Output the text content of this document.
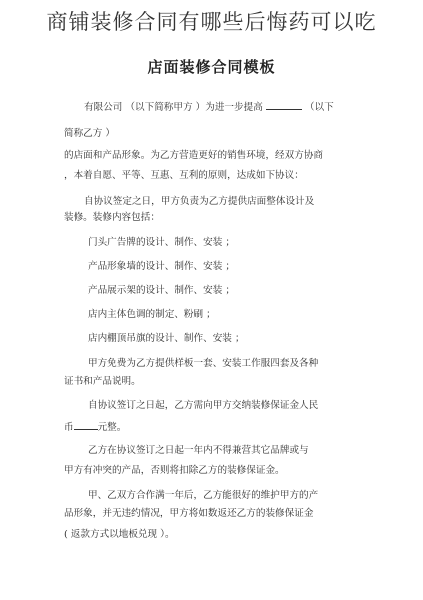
商铺装修合同有哪些后悔药可以吃
店面装修合同模板
有限公司 （以下简称甲方 ）为进一步提高	（以下
简称乙方 ）
的店面和产品形象。为乙方营造更好的销售环境，经双方协商
，本着自愿、平等、互惠、互利的原则，达成如下协议：
自协议签定之日，甲方负责为乙方提供店面整体设计及
装修。装修内容包括：
门头广告牌的设计、制作、安装 ；
产品形象墙的设计、制作、安装 ；
产品展示架的设计、制作、安装 ；
店内主体色调的制定、粉刷 ；
店内棚顶吊旗的设计、制作、安装 ；
甲方免费为乙方提供样板一套、安装工作服四套及各种
证书和产品说明。
自协议签订之日起，乙方需向甲方交纳装修保证金人民
币	元整。
乙方在协议签订之日起一年内不得兼营其它品牌或与
甲方有冲突的产品，否则将扣除乙方的装修保证金。
甲、乙双方合作满一年后，乙方能很好的维护甲方的产
品形象，并无违约情况，甲方将如数返还乙方的装修保证金
( 返款方式以地板兑现 ）。
